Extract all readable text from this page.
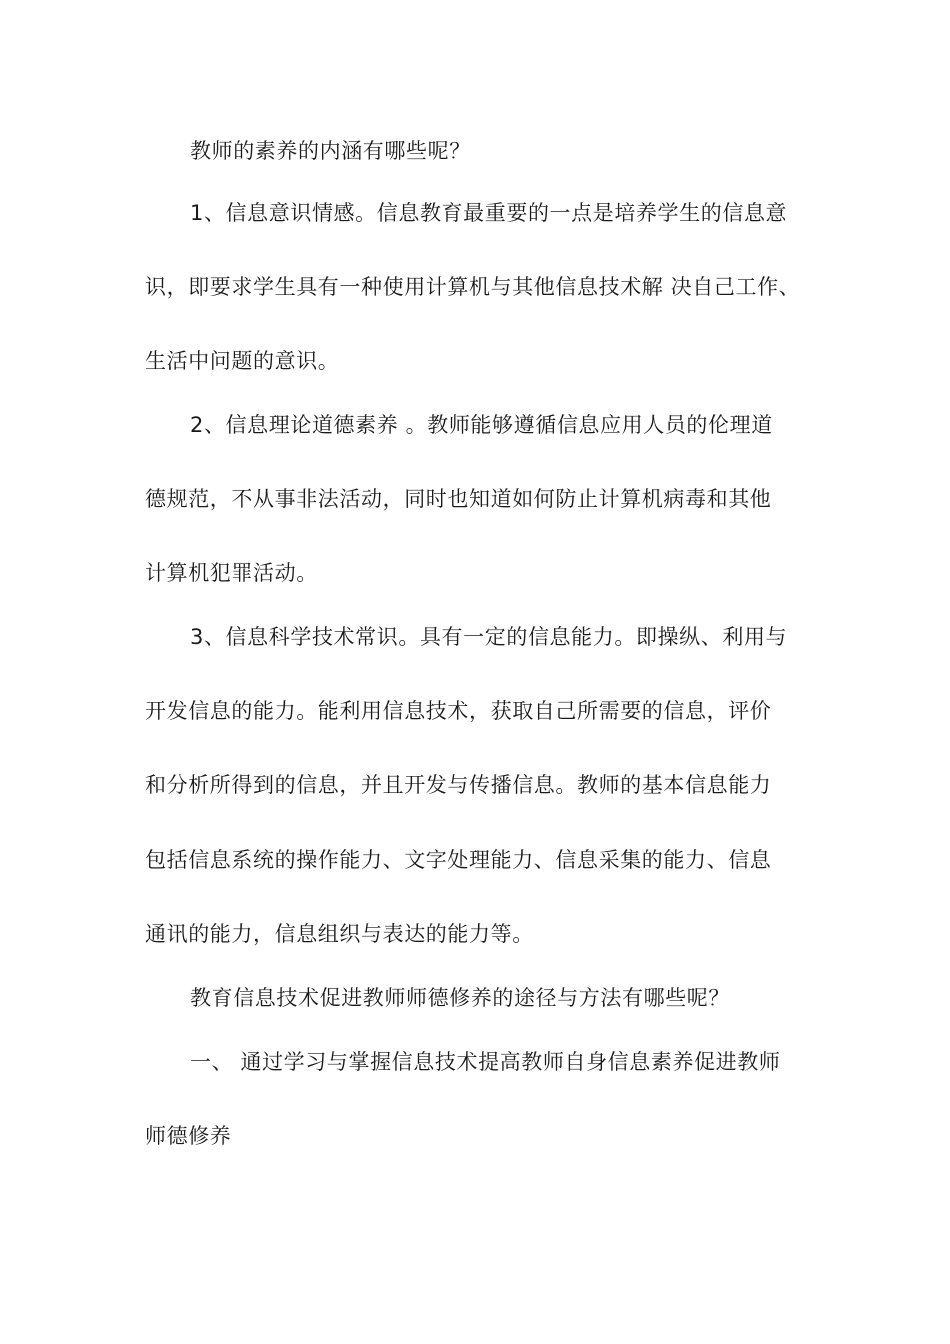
教师的素养的内涵有哪些呢？
1、信息意识情感。信息教育最重要的一点是培养学生的信息意
识，即要求学生具有一种使用计算机与其他信息技术解 决自己工作、
生活中问题的意识。
2、信息理论道德素养 。教师能够遵循信息应用人员的伦理道
德规范，不从事非法活动，同时也知道如何防止计算机病毒和其他
计算机犯罪活动。
3、信息科学技术常识。具有一定的信息能力。即操纵、利用与
开发信息的能力。能利用信息技术，获取自己所需要的信息，评价
和分析所得到的信息，并且开发与传播信息。教师的基本信息能力
包括信息系统的操作能力、文字处理能力、信息采集的能力、信息
通讯的能力，信息组织与表达的能力等。
教育信息技术促进教师师德修养的途径与方法有哪些呢？
一、 通过学习与掌握信息技术提高教师自身信息素养促进教师
师德修养
